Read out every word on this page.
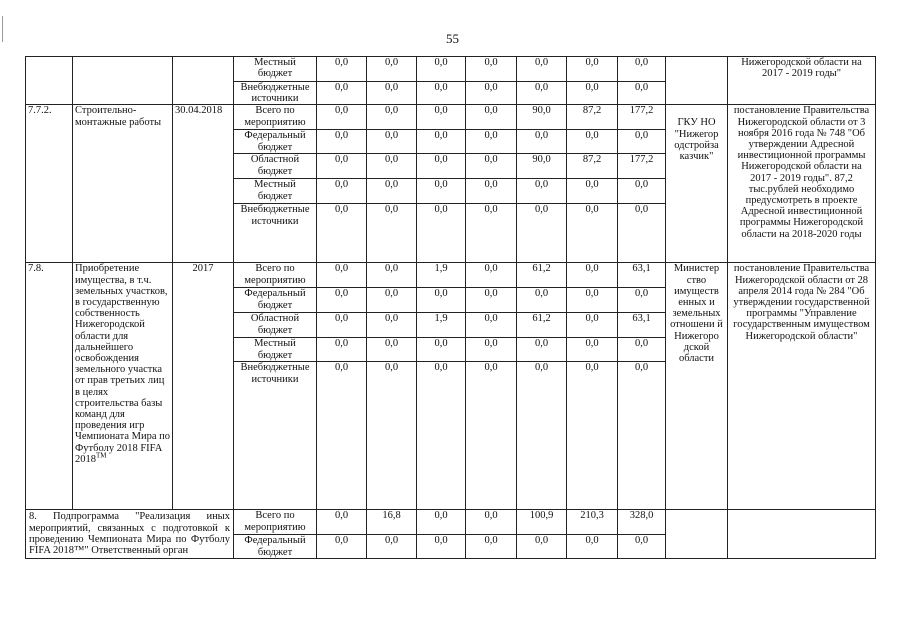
55
			Местный бюджет	0,0	0,0	0,0	0,0	0,0	0,0	0,0		Нижегородской области на 2017 - 2019 годы"
			Внебюджетные источники	0,0	0,0	0,0	0,0	0,0	0,0	0,0		
7.7.2.	Строительно-монтажные работы	30.04.2018	Всего по мероприятию	0,0	0,0	0,0	0,0	90,0	87,2	177,2	ГКУ НО "Нижегор одстройза казчик"	постановление Правительства Нижегородской области от 3 ноября 2016 года № 748 "Об утверждении Адресной инвестиционной программы Нижегородской области на 2017 - 2019 годы". 87,2 тыс.рублей необходимо предусмотреть в проекте Адресной инвестиционной программы Нижегородской области на 2018-2020 годы
			Федеральный бюджет	0,0	0,0	0,0	0,0	0,0	0,0	0,0		
			Областной бюджет	0,0	0,0	0,0	0,0	90,0	87,2	177,2		
			Местный бюджет	0,0	0,0	0,0	0,0	0,0	0,0	0,0		
			Внебюджетные источники	0,0	0,0	0,0	0,0	0,0	0,0	0,0		
7.8.	Приобретение имущества, в т.ч. земельных участков, в государственную собственность Нижегородской области для дальнейшего освобождения земельного участка от прав третьих лиц в целях строительства базы команд для проведения игр Чемпионата Мира по Футболу 2018 FIFA 2018™	2017	Всего по мероприятию	0,0	0,0	1,9	0,0	61,2	0,0	63,1	Министер ство имуществ енных и земельных отношени й Нижегоро дской области	постановление Правительства Нижегородской области от 28 апреля 2014 года № 284 "Об утверждении государственной программы "Управление государственным имуществом Нижегородской области"
			Федеральный бюджет	0,0	0,0	0,0	0,0	0,0	0,0	0,0		
			Областной бюджет	0,0	0,0	1,9	0,0	61,2	0,0	63,1		
			Местный бюджет	0,0	0,0	0,0	0,0	0,0	0,0	0,0		
			Внебюджетные источники	0,0	0,0	0,0	0,0	0,0	0,0	0,0		
8. Подпрограмма "Реализация иных мероприятий, связанных с подготовкой к проведению Чемпионата Мира по Футболу FIFA 2018™" Ответственный орган			Всего по мероприятию	0,0	16,8	0,0	0,0	100,9	210,3	328,0		
			Федеральный бюджет	0,0	0,0	0,0	0,0	0,0	0,0	0,0		
